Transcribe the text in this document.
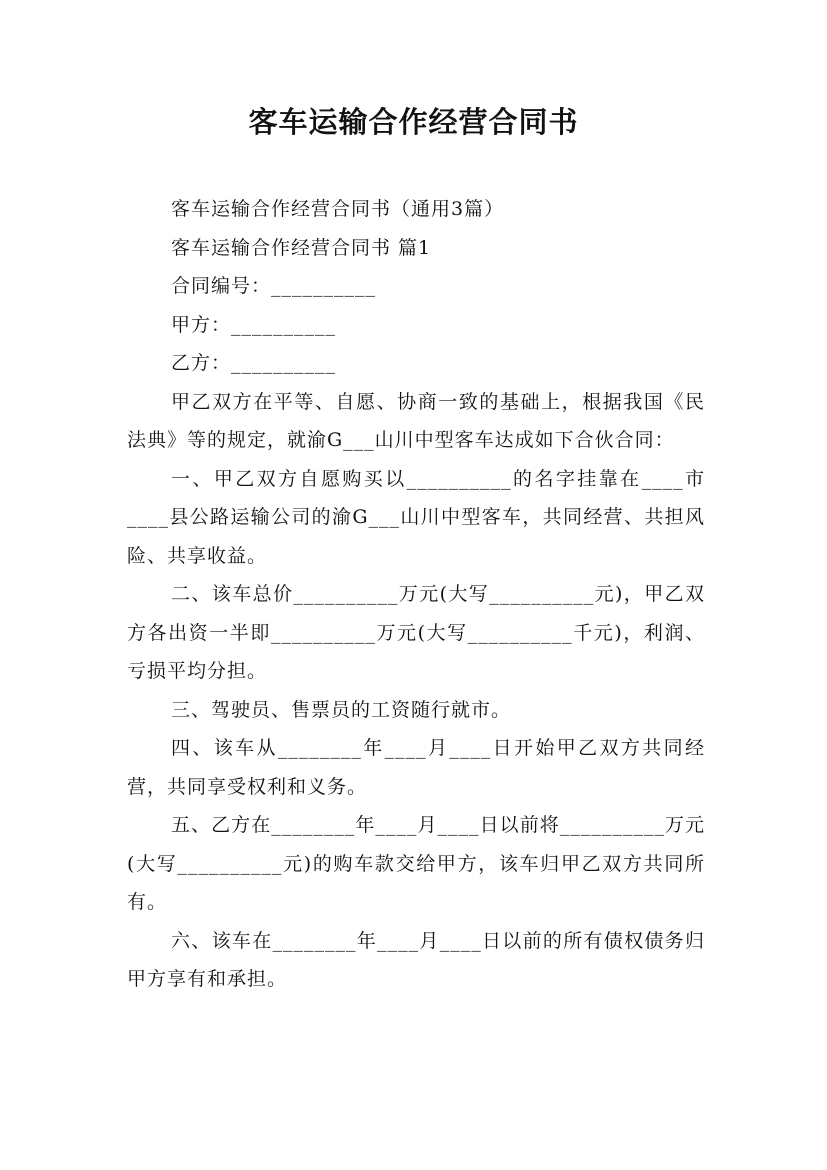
客车运输合作经营合同书

客车运输合作经营合同书（通用3篇）

客车运输合作经营合同书 篇1

合同编号：__________

甲方：__________

乙方：__________

甲乙双方在平等、自愿、协商一致的基础上，根据我国《民法典》等的规定，就渝G___山川中型客车达成如下合伙合同：

一、甲乙双方自愿购买以__________的名字挂靠在____市____县公路运输公司的渝G___山川中型客车，共同经营、共担风险、共享收益。

二、该车总价__________万元(大写__________元)，甲乙双方各出资一半即__________万元(大写__________千元)，利润、亏损平均分担。

三、驾驶员、售票员的工资随行就市。

四、该车从________年____月____日开始甲乙双方共同经营，共同享受权利和义务。

五、乙方在________年____月____日以前将__________万元(大写__________元)的购车款交给甲方，该车归甲乙双方共同所有。

六、该车在________年____月____日以前的所有债权债务归甲方享有和承担。
